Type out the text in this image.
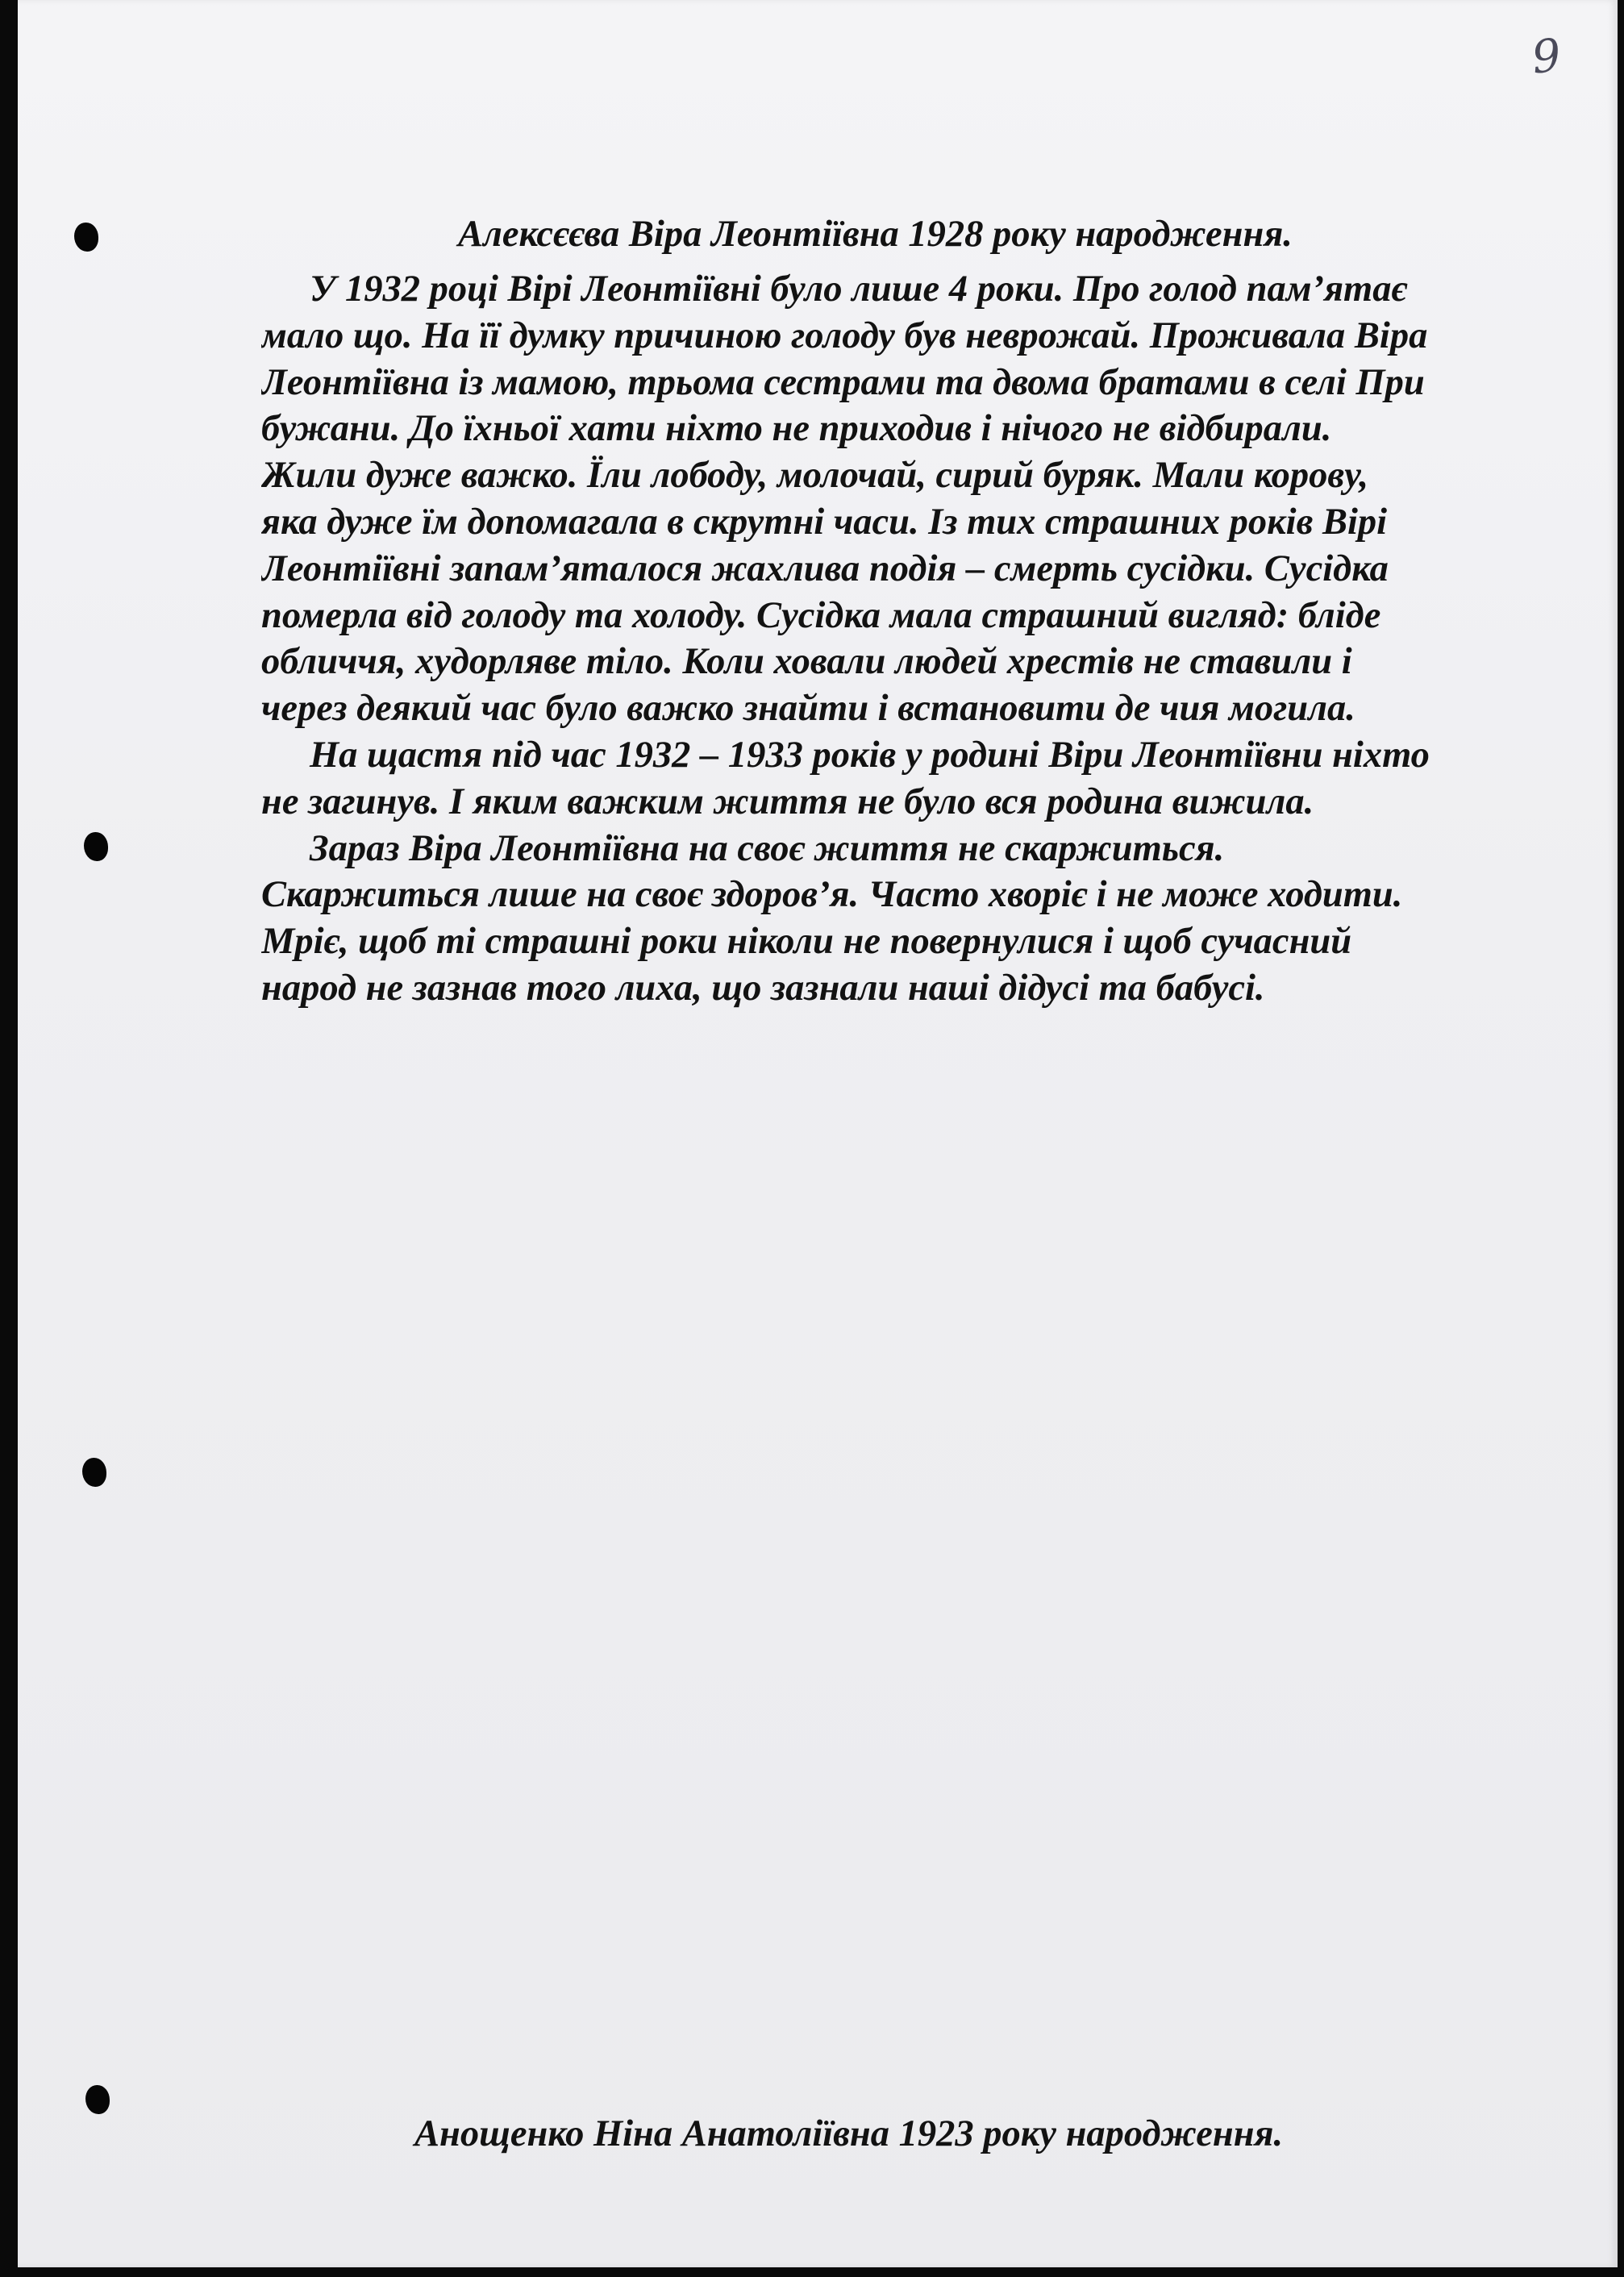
9
Алексєєва Віра Леонтіївна 1928 року народження.
У 1932 році Вірі Леонтіївні було лише 4 роки. Про голод пам’ятає
мало що. На її думку причиною голоду був неврожай. Проживала Віра
Леонтіївна із мамою, трьома сестрами та двома братами в селі При
бужани. До їхньої хати ніхто не приходив і нічого не відбирали.
Жили дуже важко. Їли лободу, молочай, сирий буряк. Мали корову,
яка дуже їм допомагала в скрутні часи. Із тих страшних років Вірі
Леонтіївні запам’яталося жахлива подія – смерть сусідки. Сусідка
померла від голоду та холоду. Сусідка мала страшний вигляд: бліде
обличчя, худорляве тіло. Коли ховали людей хрестів не ставили і
через деякий час було важко знайти і встановити де чия могила.
На щастя під час 1932 – 1933 років у родині Віри Леонтіївни ніхто
не загинув. І яким важким життя не було вся родина вижила.
Зараз Віра Леонтіївна на своє життя не скаржиться.
Скаржиться лише на своє здоров’я. Часто хворіє і не може ходити.
Мріє, щоб ті страшні роки ніколи не повернулися і щоб сучасний
народ не зазнав того лиха, що зазнали наші дідусі та бабусі.
Анощенко Ніна Анатоліївна 1923 року народження.
